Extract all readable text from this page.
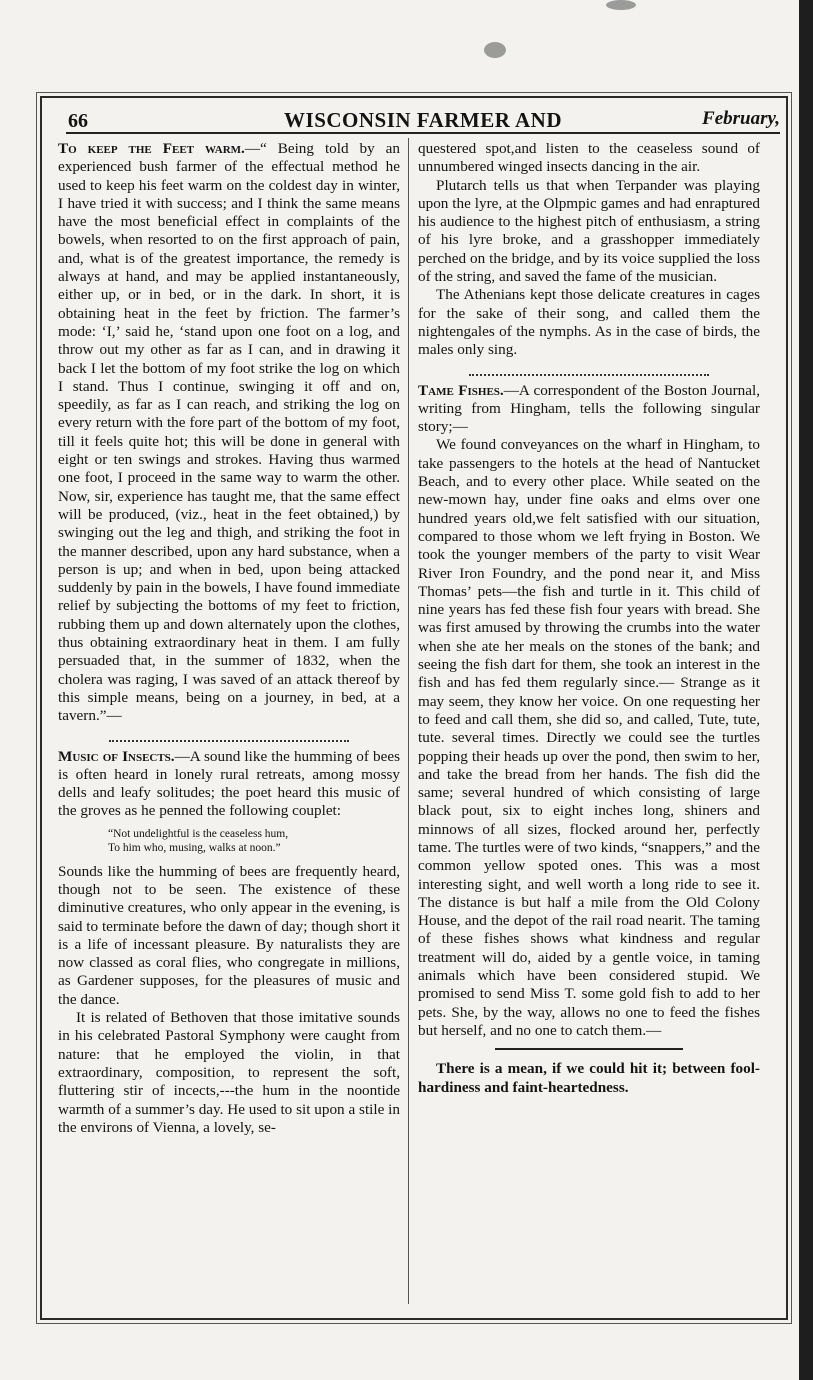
66	WISCONSIN FARMER AND	February,

To keep the Feet warm.—“ Being told by an experienced bush farmer of the effectual method he used to keep his feet warm on the coldest day in winter, I have tried it with success; and I think the same means have the most beneficial effect in complaints of the bowels, when resorted to on the first approach of pain, and, what is of the greatest importance, the remedy is always at hand, and may be applied instantaneously, either up, or in bed, or in the dark. In short, it is obtaining heat in the feet by friction. The farmer’s mode: ‘I,’ said he, ‘stand upon one foot on a log, and throw out my other as far as I can, and in drawing it back I let the bottom of my foot strike the log on which I stand. Thus I continue, swinging it off and on, speedily, as far as I can reach, and striking the log on every return with the fore part of the bottom of my foot, till it feels quite hot; this will be done in general with eight or ten swings and strokes. Having thus warmed one foot, I proceed in the same way to warm the other. Now, sir, experience has taught me, that the same effect will be produced, (viz., heat in the feet obtained,) by swinging out the leg and thigh, and striking the foot in the manner described, upon any hard substance, when a person is up; and when in bed, upon being attacked suddenly by pain in the bowels, I have found immediate relief by subjecting the bottoms of my feet to friction, rubbing them up and down alternately upon the clothes, thus obtaining extraordinary heat in them. I am fully persuaded that, in the summer of 1832, when the cholera was raging, I was saved of an attack thereof by this simple means, being on a journey, in bed, at a tavern.”—

Music of Insects.—A sound like the humming of bees is often heard in lonely rural retreats, among mossy dells and leafy solitudes; the poet heard this music of the groves as he penned the following couplet:

“Not undelightful is the ceaseless hum,
To him who, musing, walks at noon.”

Sounds like the humming of bees are frequently heard, though not to be seen. The existence of these diminutive creatures, who only appear in the evening, is said to terminate before the dawn of day; though short it is a life of incessant pleasure. By naturalists they are now classed as coral flies, who congregate in millions, as Gardener supposes, for the pleasures of music and the dance.

It is related of Bethoven that those imitative sounds in his celebrated Pastoral Symphony were caught from nature: that he employed the violin, in that extraordinary, composition, to represent the soft, fluttering stir of incects,---the hum in the noontide warmth of a summer’s day. He used to sit upon a stile in the environs of Vienna, a lovely, se-

questered spot,and listen to the ceaseless sound of unnumbered winged insects dancing in the air.

Plutarch tells us that when Terpander was playing upon the lyre, at the Olpmpic games and had enraptured his audience to the highest pitch of enthusiasm, a string of his lyre broke, and a grasshopper immediately perched on the bridge, and by its voice supplied the loss of the string, and saved the fame of the musician.

The Athenians kept those delicate creatures in cages for the sake of their song, and called them the nightengales of the nymphs. As in the case of birds, the males only sing.

Tame Fishes.—A correspondent of the Boston Journal, writing from Hingham, tells the following singular story;—

We found conveyances on the wharf in Hingham, to take passengers to the hotels at the head of Nantucket Beach, and to every other place. While seated on the new-mown hay, under fine oaks and elms over one hundred years old,we felt satisfied with our situation, compared to those whom we left frying in Boston. We took the younger members of the party to visit Wear River Iron Foundry, and the pond near it, and Miss Thomas’ pets—the fish and turtle in it. This child of nine years has fed these fish four years with bread. She was first amused by throwing the crumbs into the water when she ate her meals on the stones of the bank; and seeing the fish dart for them, she took an interest in the fish and has fed them regularly since.— Strange as it may seem, they know her voice. On one requesting her to feed and call them, she did so, and called, Tute, tute, tute. several times. Directly we could see the turtles popping their heads up over the pond, then swim to her, and take the bread from her hands. The fish did the same; several hundred of which consisting of large black pout, six to eight inches long, shiners and minnows of all sizes, flocked around her, perfectly tame. The turtles were of two kinds, “snappers,” and the common yellow spoted ones. This was a most interesting sight, and well worth a long ride to see it. The distance is but half a mile from the Old Colony House, and the depot of the rail road nearit. The taming of these fishes shows what kindness and regular treatment will do, aided by a gentle voice, in taming animals which have been considered stupid. We promised to send Miss T. some gold fish to add to her pets. She, by the way, allows no one to feed the fishes but herself, and no one to catch them.—

There is a mean, if we could hit it; between fool-hardiness and faint-heartedness.
